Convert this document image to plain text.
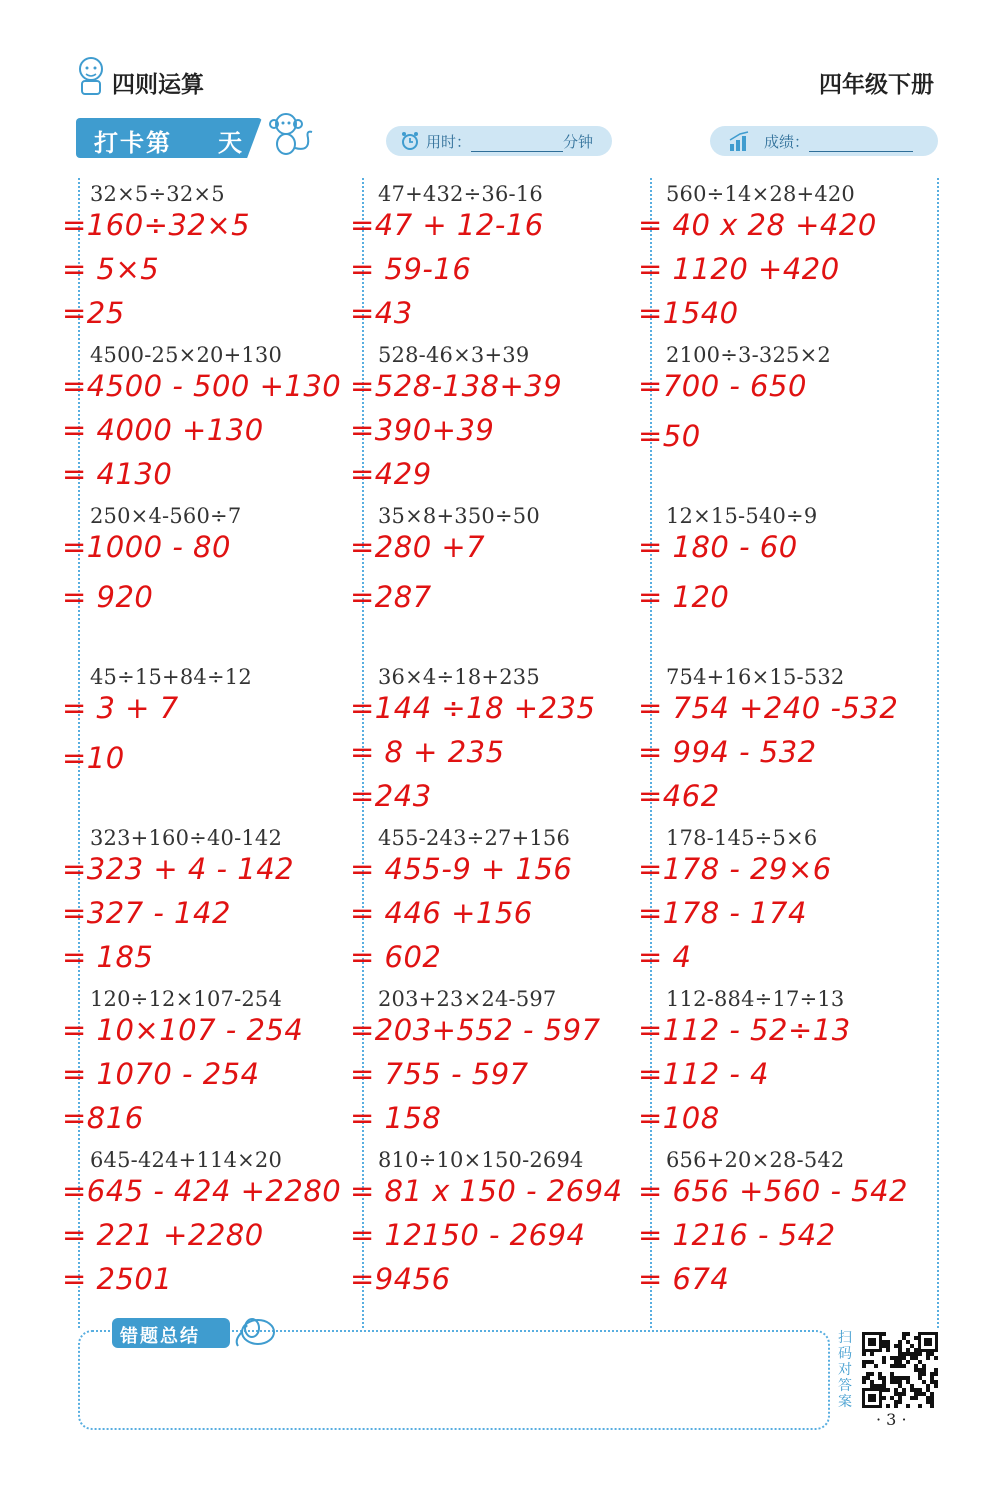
四则运算	四年级下册
打卡第 天	用时：	分钟	成绩：
32×5÷32×5
=160÷32×5
= 5×5
=25
47+432÷36-16
=47 + 12-16
= 59-16
=43
560÷14×28+420
= 40 x 28 +420
= 1120 +420
=1540
4500-25×20+130
=4500 - 500 +130
= 4000 +130
= 4130
528-46×3+39
=528-138+39
=390+39
=429
2100÷3-325×2
=700 - 650
=50
250×4-560÷7
=1000 - 80
= 920
35×8+350÷50
=280 +7
=287
12×15-540÷9
= 180 - 60
= 120
45÷15+84÷12
= 3 + 7
=10
36×4÷18+235
=144 ÷18 +235
= 8 + 235
=243
754+16×15-532
= 754 +240 -532
= 994 - 532
=462
323+160÷40-142
=323 + 4 - 142
=327 - 142
= 185
455-243÷27+156
= 455-9 + 156
= 446 +156
= 602
178-145÷5×6
=178 - 29×6
=178 - 174
= 4
120÷12×107-254
= 10×107 - 254
= 1070 - 254
=816
203+23×24-597
=203+552 - 597
= 755 - 597
= 158
112-884÷17÷13
=112 - 52÷13
=112 - 4
=108
645-424+114×20
=645 - 424 +2280
= 221 +2280
= 2501
810÷10×150-2694
= 81 x 150 - 2694
= 12150 - 2694
=9456
656+20×28-542
= 656 +560 - 542
= 1216 - 542
= 674
错题总结	扫码对答案
· 3 ·
